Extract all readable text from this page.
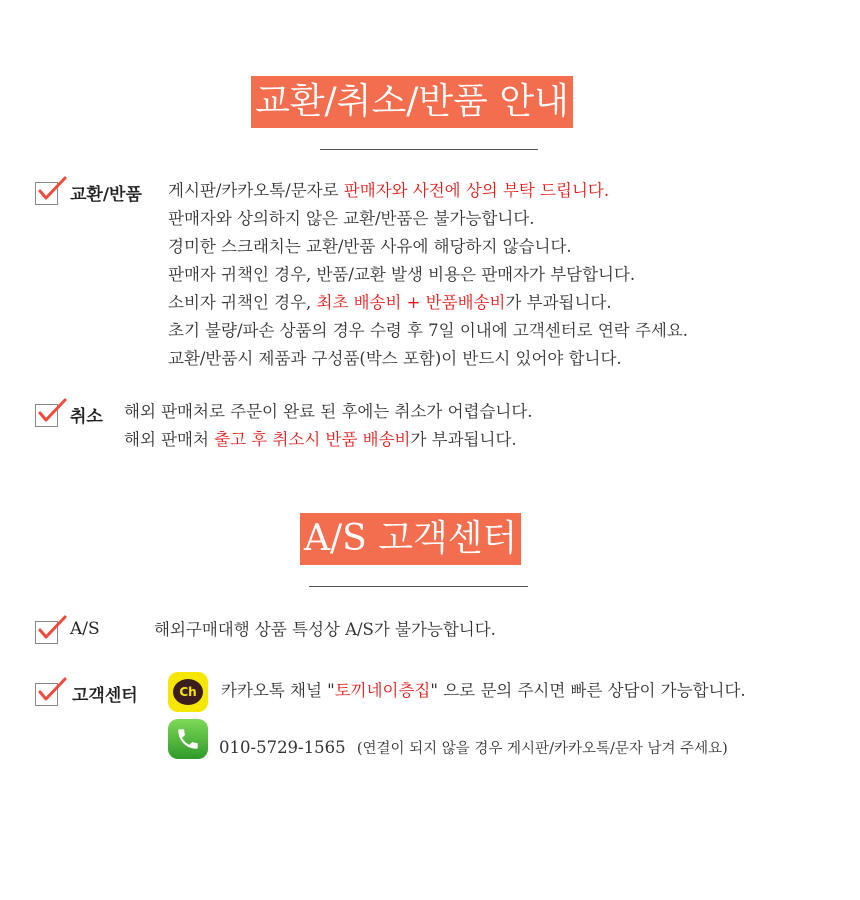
교환/취소/반품 안내
교환/반품 게시판/카카오톡/문자로 판매자와 사전에 상의 부탁 드립니다.
판매자와 상의하지 않은 교환/반품은 불가능합니다.
경미한 스크래치는 교환/반품 사유에 해당하지 않습니다.
판매자 귀책인 경우, 반품/교환 발생 비용은 판매자가 부담합니다.
소비자 귀책인 경우, 최초 배송비 + 반품배송비가 부과됩니다.
초기 불량/파손 상품의 경우 수령 후 7일 이내에 고객센터로 연락 주세요.
교환/반품시 제품과 구성품(박스 포함)이 반드시 있어야 합니다.
취소 해외 판매처로 주문이 완료 된 후에는 취소가 어렵습니다.
해외 판매처 출고 후 취소시 반품 배송비가 부과됩니다.
A/S 고객센터
A/S	해외구매대행 상품 특성상 A/S가 불가능합니다.
고객센터	Ch	카카오톡 채널 "토끼네이층집" 으로 문의 주시면 빠른 상담이 가능합니다.
010-5729-1565 (연결이 되지 않을 경우 게시판/카카오톡/문자 남겨 주세요)
